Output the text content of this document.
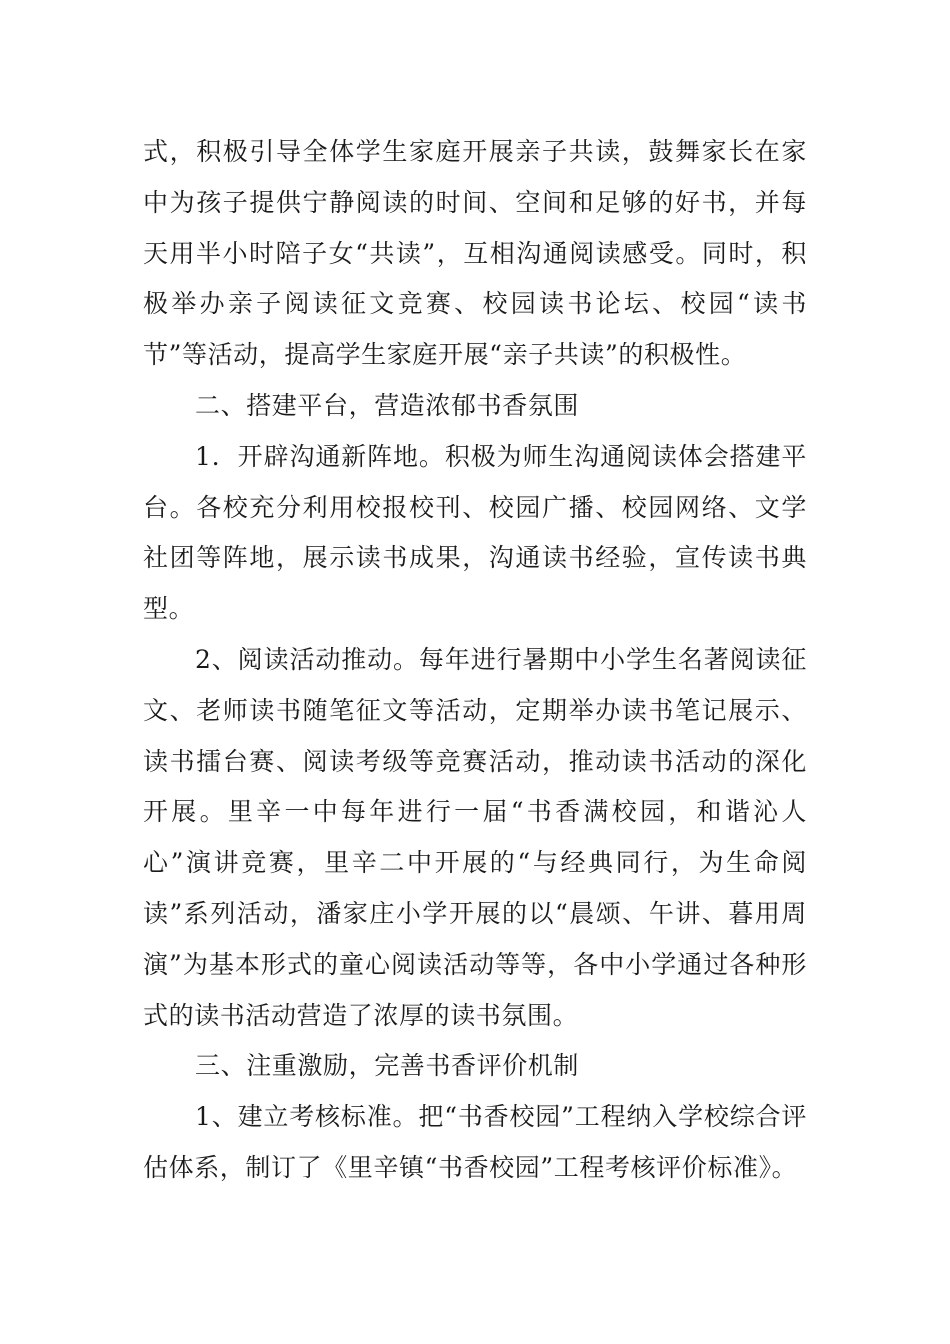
式，积极引导全体学生家庭开展亲子共读，鼓舞家长在家中为孩子提供宁静阅读的时间、空间和足够的好书，并每天用半小时陪子女“共读”，互相沟通阅读感受。同时，积极举办亲子阅读征文竞赛、校园读书论坛、校园“读书节”等活动，提高学生家庭开展“亲子共读”的积极性。

二、搭建平台，营造浓郁书香氛围

1．开辟沟通新阵地。积极为师生沟通阅读体会搭建平台。各校充分利用校报校刊、校园广播、校园网络、文学社团等阵地，展示读书成果，沟通读书经验，宣传读书典型。

2、阅读活动推动。每年进行暑期中小学生名著阅读征文、老师读书随笔征文等活动，定期举办读书笔记展示、读书擂台赛、阅读考级等竞赛活动，推动读书活动的深化开展。里辛一中每年进行一届“书香满校园，和谐沁人心”演讲竞赛，里辛二中开展的“与经典同行，为生命阅读”系列活动，潘家庄小学开展的以“晨颂、午讲、暮用周演”为基本形式的童心阅读活动等等，各中小学通过各种形式的读书活动营造了浓厚的读书氛围。

三、注重激励，完善书香评价机制

1、建立考核标准。把“书香校园”工程纳入学校综合评估体系，制订了《里辛镇“书香校园”工程考核评价标准》。
